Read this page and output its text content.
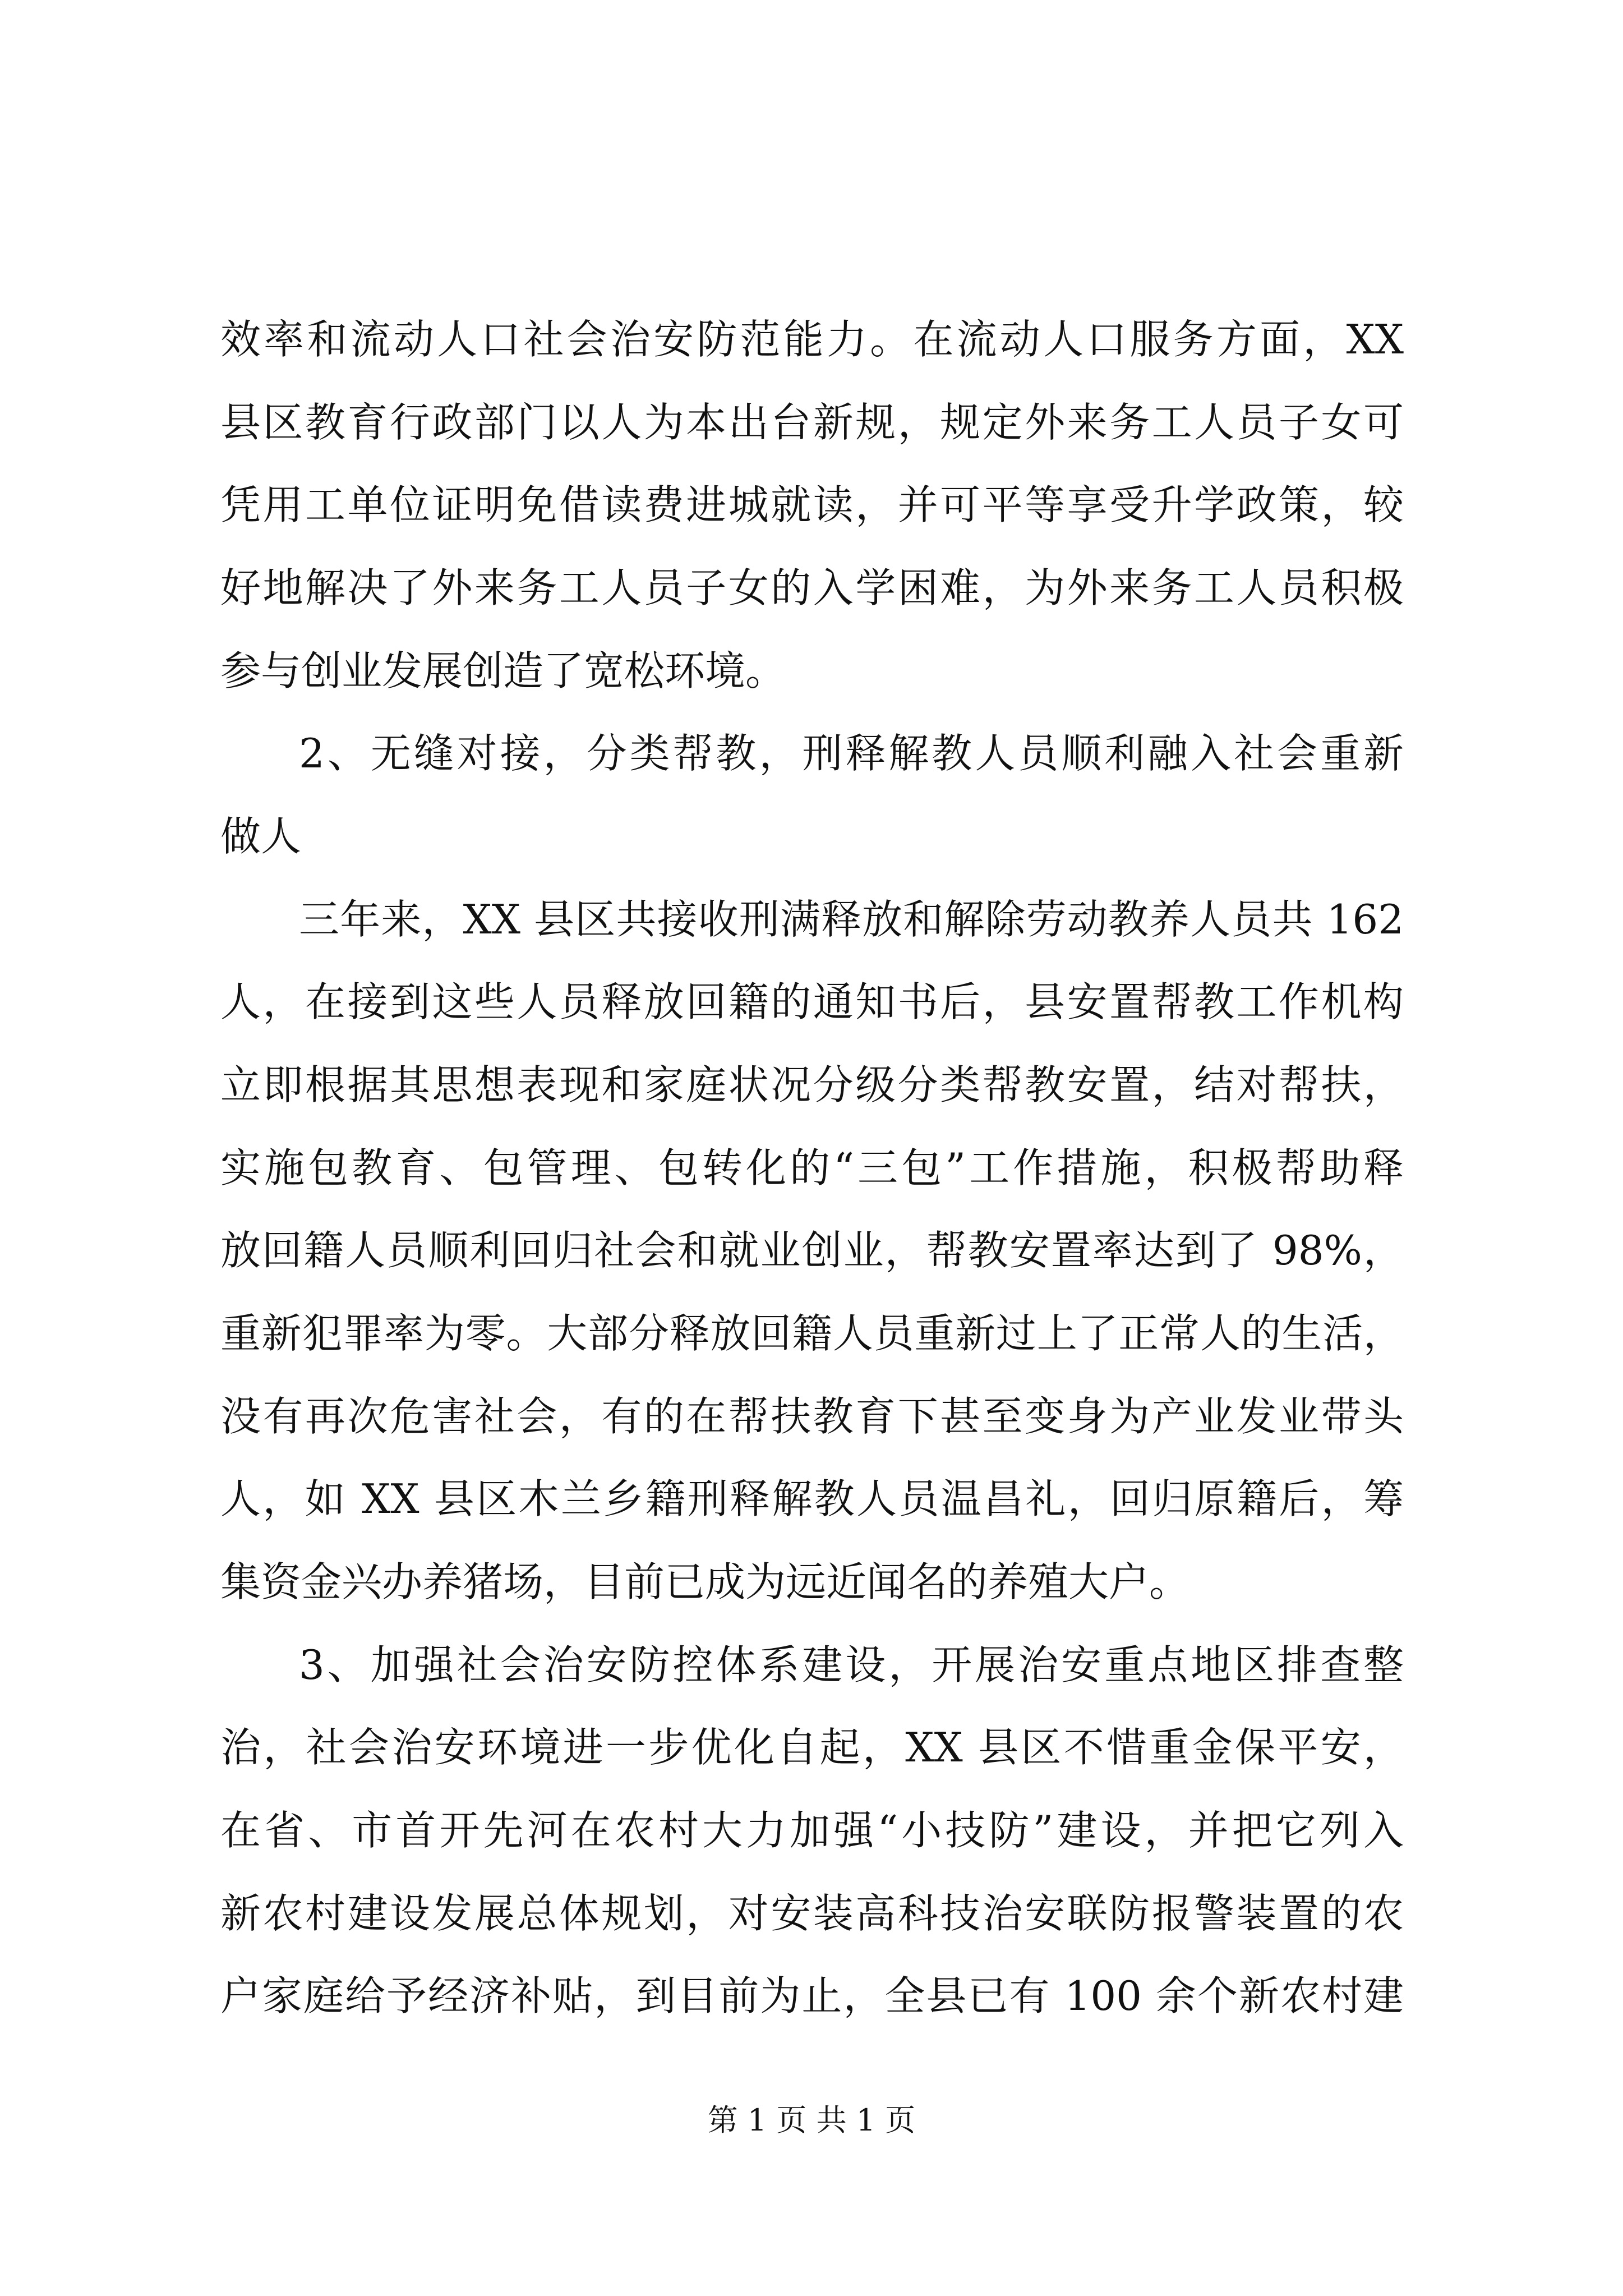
效率和流动人口社会治安防范能力。在流动人口服务方面，XX
县区教育行政部门以人为本出台新规，规定外来务工人员子女可
凭用工单位证明免借读费进城就读，并可平等享受升学政策，较
好地解决了外来务工人员子女的入学困难，为外来务工人员积极
参与创业发展创造了宽松环境。
2、无缝对接，分类帮教，刑释解教人员顺利融入社会重新
做人
三年来，XX 县区共接收刑满释放和解除劳动教养人员共 162
人，在接到这些人员释放回籍的通知书后，县安置帮教工作机构
立即根据其思想表现和家庭状况分级分类帮教安置，结对帮扶，
实施包教育、包管理、包转化的“三包”工作措施，积极帮助释
放回籍人员顺利回归社会和就业创业，帮教安置率达到了 98%，
重新犯罪率为零。大部分释放回籍人员重新过上了正常人的生活，
没有再次危害社会，有的在帮扶教育下甚至变身为产业发业带头
人，如 XX 县区木兰乡籍刑释解教人员温昌礼，回归原籍后，筹
集资金兴办养猪场，目前已成为远近闻名的养殖大户。
3、加强社会治安防控体系建设，开展治安重点地区排查整
治，社会治安环境进一步优化自起，XX 县区不惜重金保平安，
在省、市首开先河在农村大力加强“小技防”建设，并把它列入
新农村建设发展总体规划，对安装高科技治安联防报警装置的农
户家庭给予经济补贴，到目前为止，全县已有 100 余个新农村建
第 1 页 共 1 页
